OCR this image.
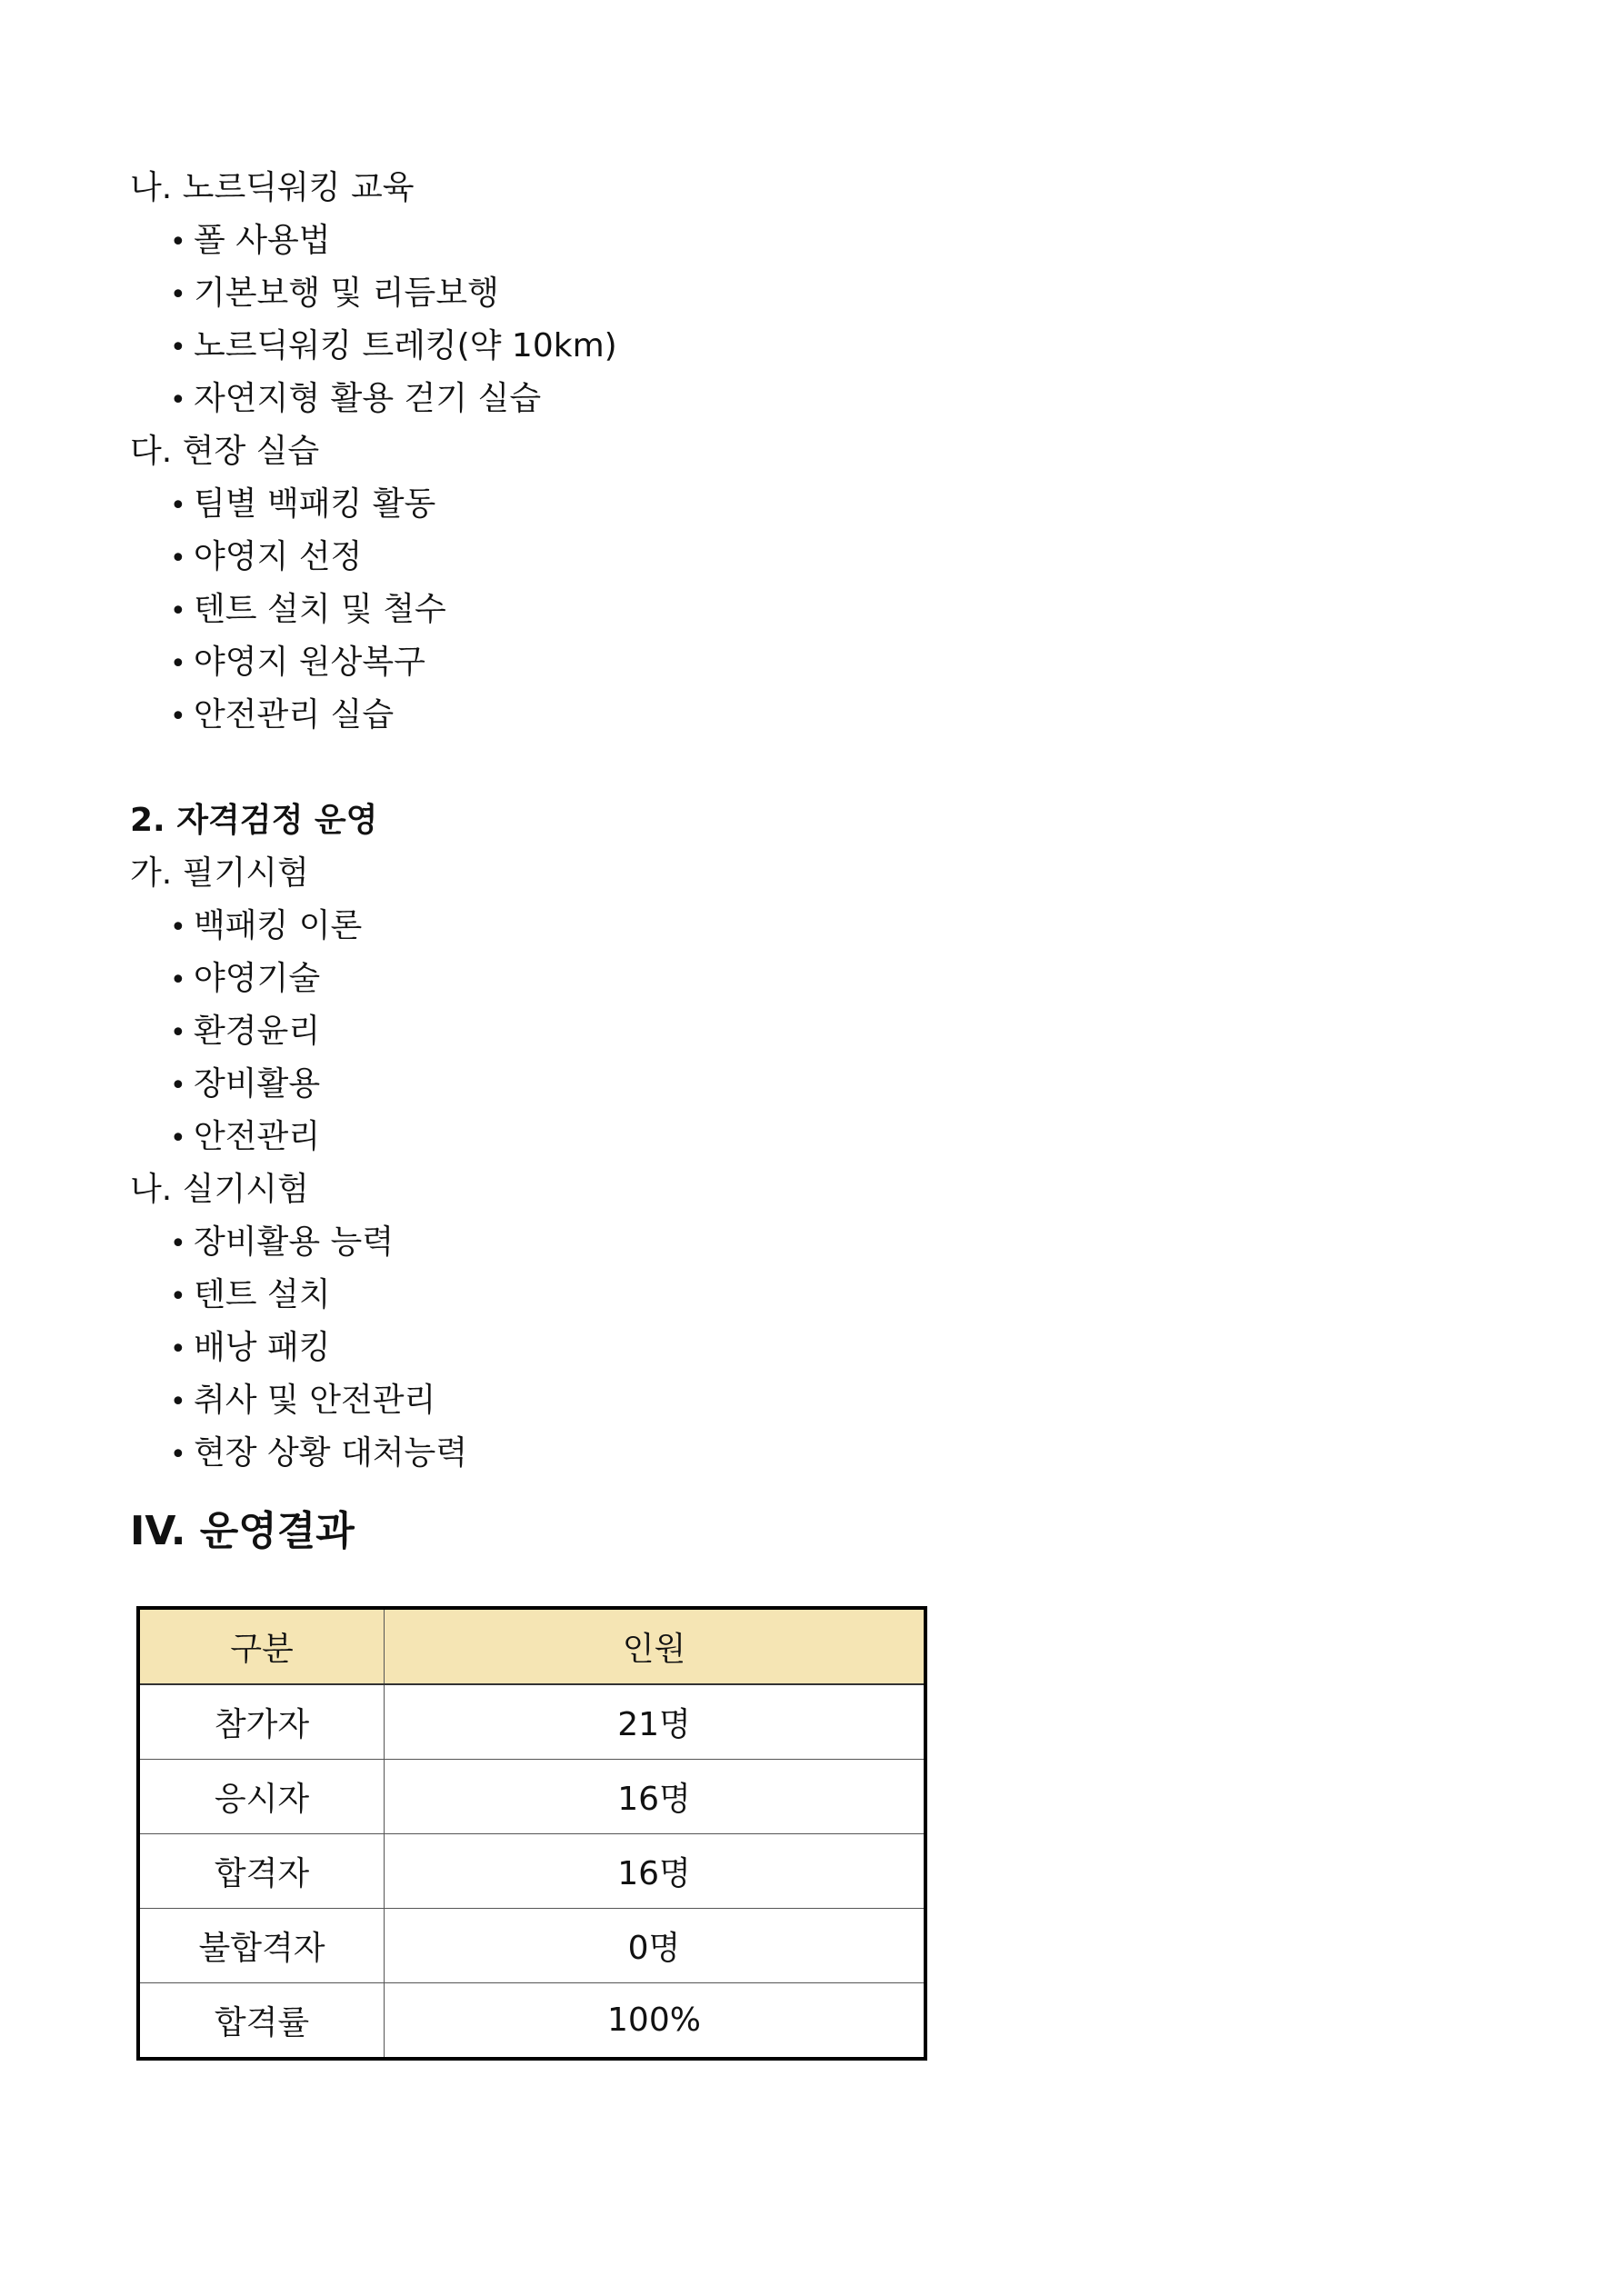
나. 노르딕워킹 교육
• 폴 사용법
• 기본보행 및 리듬보행
• 노르딕워킹 트레킹(약 10km)
• 자연지형 활용 걷기 실습
다. 현장 실습
• 팀별 백패킹 활동
• 야영지 선정
• 텐트 설치 및 철수
• 야영지 원상복구
• 안전관리 실습
2. 자격검정 운영
가. 필기시험
• 백패킹 이론
• 야영기술
• 환경윤리
• 장비활용
• 안전관리
나. 실기시험
• 장비활용 능력
• 텐트 설치
• 배낭 패킹
• 취사 및 안전관리
• 현장 상황 대처능력
IV. 운영결과
구분	인원
참가자	21명
응시자	16명
합격자	16명
불합격자	0명
합격률	100%
